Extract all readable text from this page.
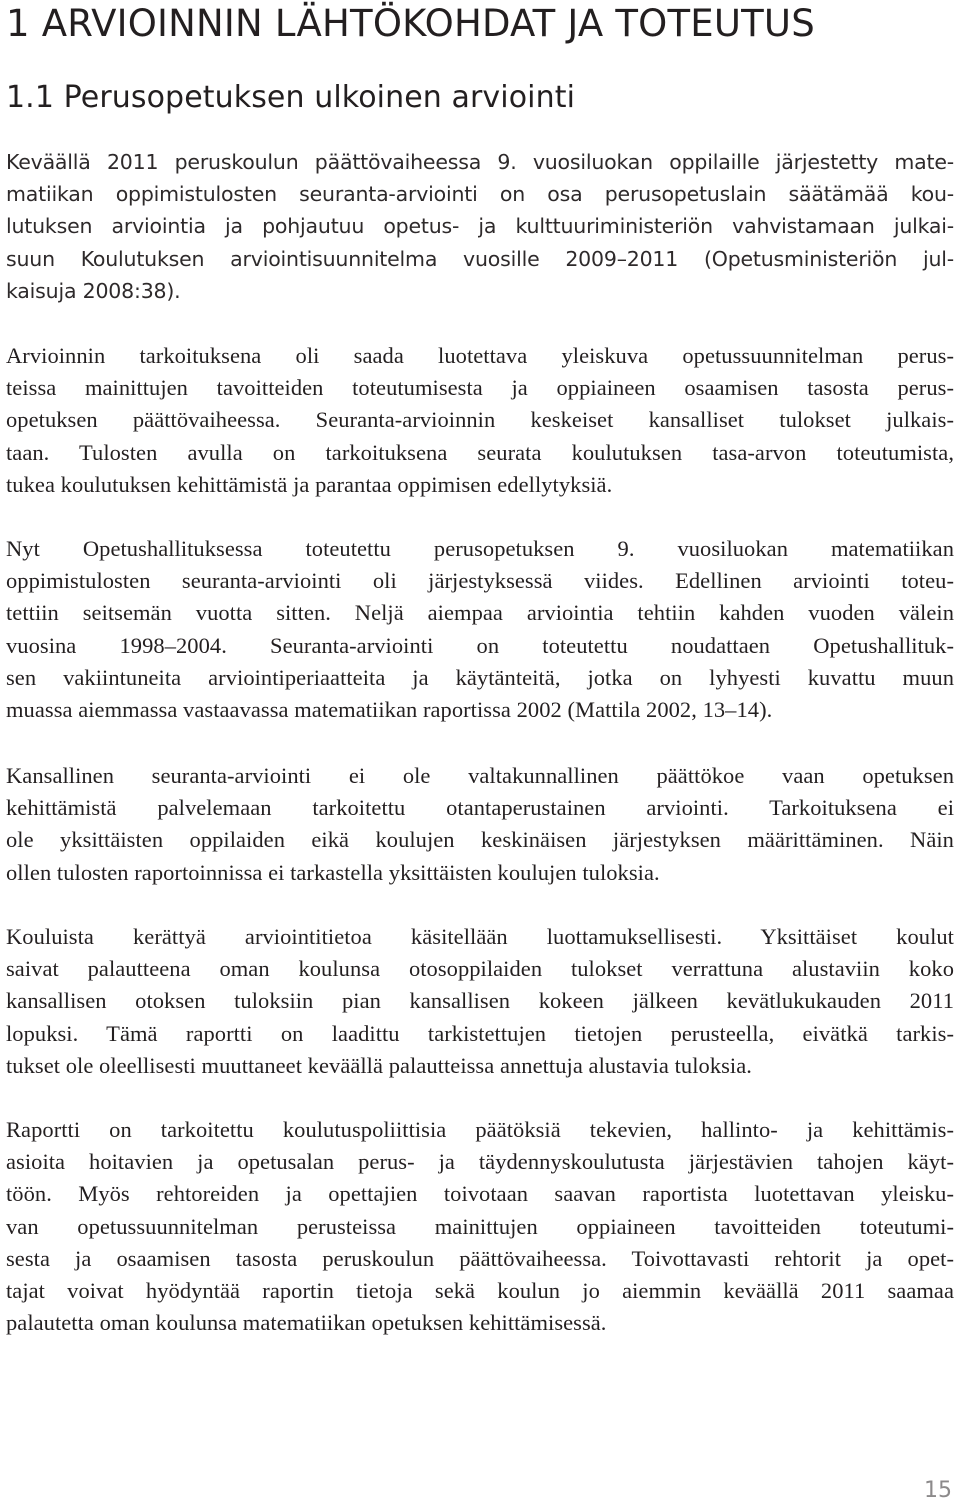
1 ARVIOINNIN LÄHTÖKOHDAT JA TOTEUTUS
1.1 Perusopetuksen ulkoinen arviointi
Keväällä 2011 peruskoulun päättövaiheessa 9. vuosiluokan oppilaille järjestetty mate-
matiikan oppimistulosten seuranta-arviointi on osa perusopetuslain säätämää kou-
lutuksen arviointia ja pohjautuu opetus- ja kulttuuriministeriön vahvistamaan julkai-
suun Koulutuksen arviointisuunnitelma vuosille 2009–2011 (Opetusministeriön jul-
kaisuja 2008:38).
Arvioinnin tarkoituksena oli saada luotettava yleiskuva opetussuunnitelman perus-
teissa mainittujen tavoitteiden toteutumisesta ja oppiaineen osaamisen tasosta perus-
opetuksen päättövaiheessa. Seuranta-arvioinnin keskeiset kansalliset tulokset julkais-
taan. Tulosten avulla on tarkoituksena seurata koulutuksen tasa-arvon toteutumista,
tukea koulutuksen kehittämistä ja parantaa oppimisen edellytyksiä.
Nyt Opetushallituksessa toteutettu perusopetuksen 9. vuosiluokan matematiikan
oppimistulosten seuranta-arviointi oli järjestyksessä viides. Edellinen arviointi toteu-
tettiin seitsemän vuotta sitten. Neljä aiempaa arviointia tehtiin kahden vuoden välein
vuosina 1998–2004. Seuranta-arviointi on toteutettu noudattaen Opetushallituk-
sen vakiintuneita arviointiperiaatteita ja käytänteitä, jotka on lyhyesti kuvattu muun
muassa aiemmassa vastaavassa matematiikan raportissa 2002 (Mattila 2002, 13–14).
Kansallinen seuranta-arviointi ei ole valtakunnallinen päättökoe vaan opetuksen
kehittämistä palvelemaan tarkoitettu otantaperustainen arviointi. Tarkoituksena ei
ole yksittäisten oppilaiden eikä koulujen keskinäisen järjestyksen määrittäminen. Näin
ollen tulosten raportoinnissa ei tarkastella yksittäisten koulujen tuloksia.
Kouluista kerättyä arviointitietoa käsitellään luottamuksellisesti. Yksittäiset koulut
saivat palautteena oman koulunsa otosoppilaiden tulokset verrattuna alustaviin koko
kansallisen otoksen tuloksiin pian kansallisen kokeen jälkeen kevätlukukauden 2011
lopuksi. Tämä raportti on laadittu tarkistettujen tietojen perusteella, eivätkä tarkis-
tukset ole oleellisesti muuttaneet keväällä palautteissa annettuja alustavia tuloksia.
Raportti on tarkoitettu koulutuspoliittisia päätöksiä tekevien, hallinto- ja kehittämis-
asioita hoitavien ja opetusalan perus- ja täydennyskoulutusta järjestävien tahojen käyt-
töön. Myös rehtoreiden ja opettajien toivotaan saavan raportista luotettavan yleisku-
van opetussuunnitelman perusteissa mainittujen oppiaineen tavoitteiden toteutumi-
sesta ja osaamisen tasosta peruskoulun päättövaiheessa. Toivottavasti rehtorit ja opet-
tajat voivat hyödyntää raportin tietoja sekä koulun jo aiemmin keväällä 2011 saamaa
palautetta oman koulunsa matematiikan opetuksen kehittämisessä.

15
